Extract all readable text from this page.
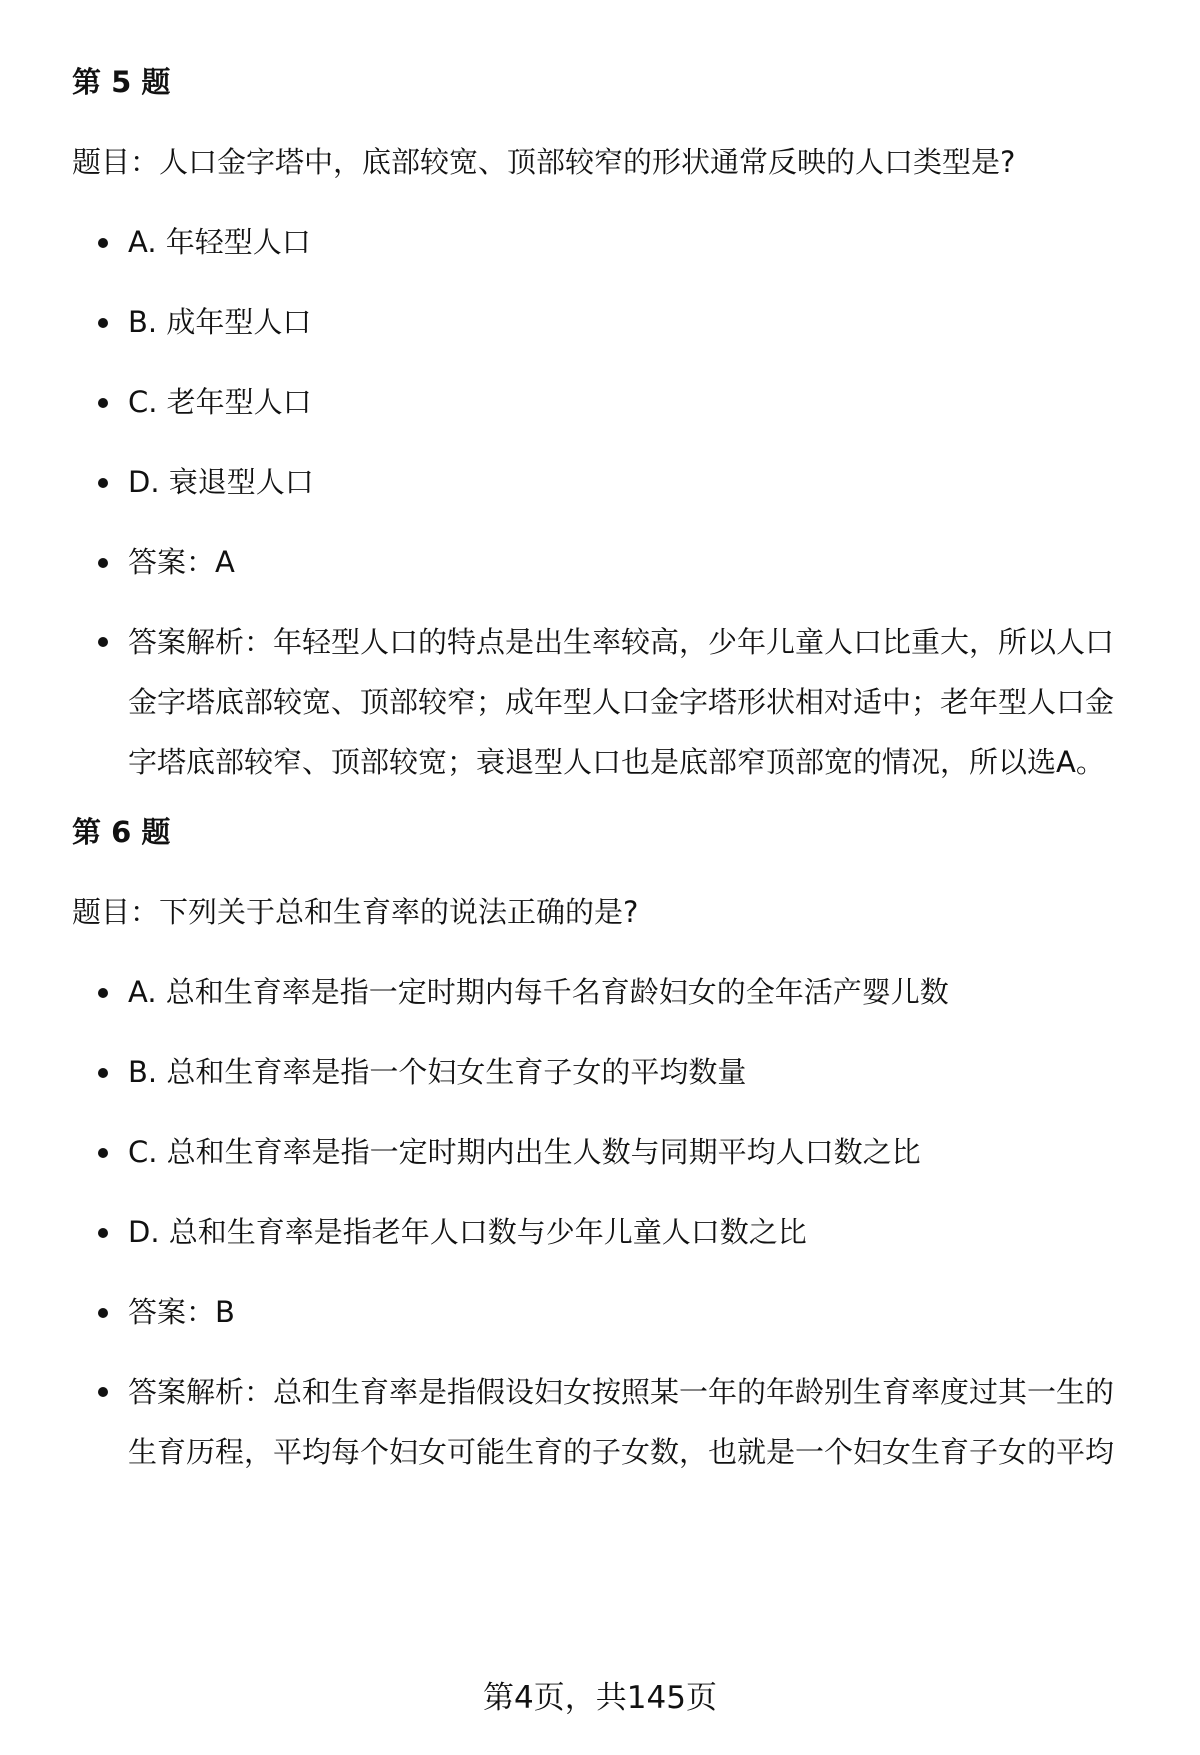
第 5 题
题目：人口金字塔中，底部较宽、顶部较窄的形状通常反映的人口类型是?
A. 年轻型人口
B. 成年型人口
C. 老年型人口
D. 衰退型人口
答案：A
答案解析：年轻型人口的特点是出生率较高，少年儿童人口比重大，所以人口金字塔底部较宽、顶部较窄；成年型人口金字塔形状相对适中；老年型人口金字塔底部较窄、顶部较宽；衰退型人口也是底部窄顶部宽的情况，所以选A。
第 6 题
题目：下列关于总和生育率的说法正确的是?
A. 总和生育率是指一定时期内每千名育龄妇女的全年活产婴儿数
B. 总和生育率是指一个妇女生育子女的平均数量
C. 总和生育率是指一定时期内出生人数与同期平均人口数之比
D. 总和生育率是指老年人口数与少年儿童人口数之比
答案：B
答案解析：总和生育率是指假设妇女按照某一年的年龄别生育率度过其一生的生育历程，平均每个妇女可能生育的子女数，也就是一个妇女生育子女的平均
第4页，共145页
